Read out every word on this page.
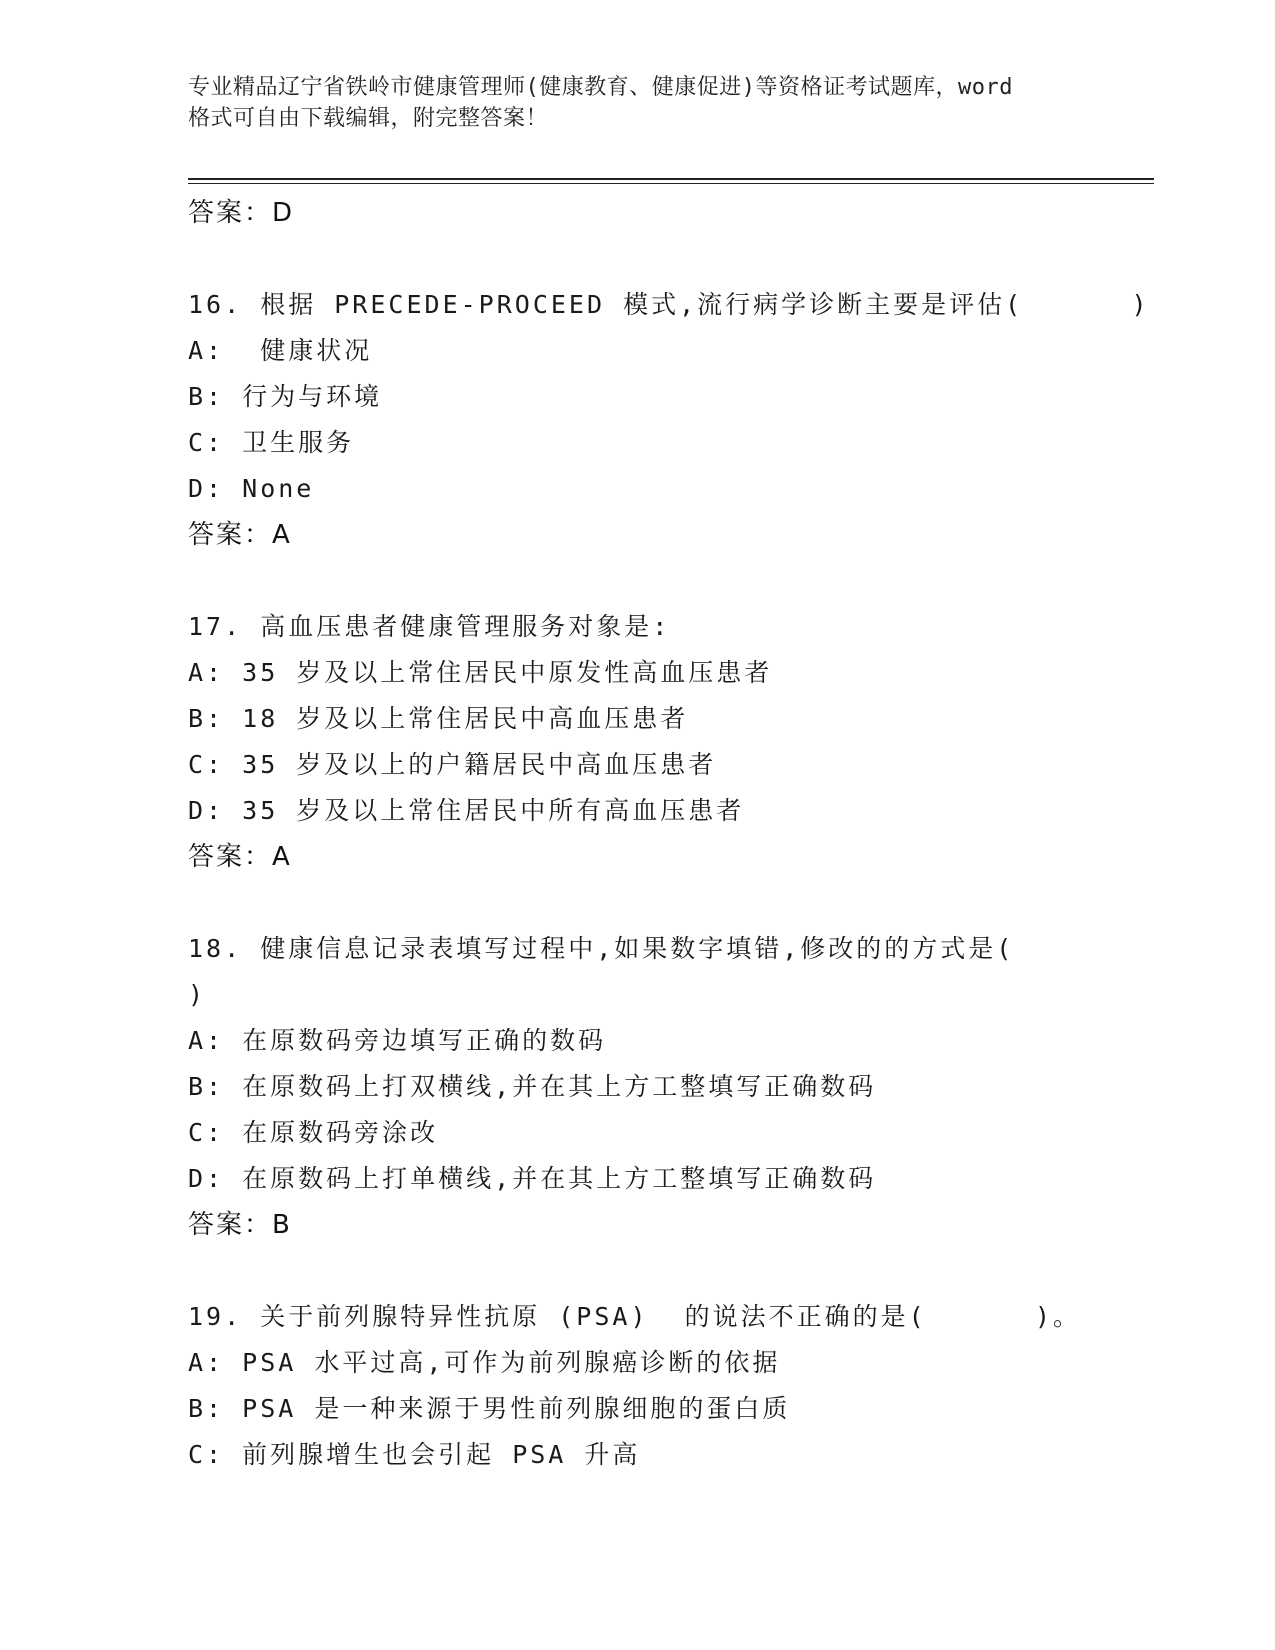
专业精品辽宁省铁岭市健康管理师(健康教育、健康促进)等资格证考试题库，word
格式可自由下载编辑，附完整答案！
答案：D
16. 根据 PRECEDE-PROCEED 模式,流行病学诊断主要是评估(      )
A:  健康状况
B: 行为与环境
C: 卫生服务
D: None
答案：A
17. 高血压患者健康管理服务对象是:
A: 35 岁及以上常住居民中原发性高血压患者
B: 18 岁及以上常住居民中高血压患者
C: 35 岁及以上的户籍居民中高血压患者
D: 35 岁及以上常住居民中所有高血压患者
答案：A
18. 健康信息记录表填写过程中,如果数字填错,修改的的方式是(
)
A: 在原数码旁边填写正确的数码
B: 在原数码上打双横线,并在其上方工整填写正确数码
C: 在原数码旁涂改
D: 在原数码上打单横线,并在其上方工整填写正确数码
答案：B
19. 关于前列腺特异性抗原 (PSA)  的说法不正确的是(      )。
A: PSA 水平过高,可作为前列腺癌诊断的依据
B: PSA 是一种来源于男性前列腺细胞的蛋白质
C: 前列腺增生也会引起 PSA 升高
